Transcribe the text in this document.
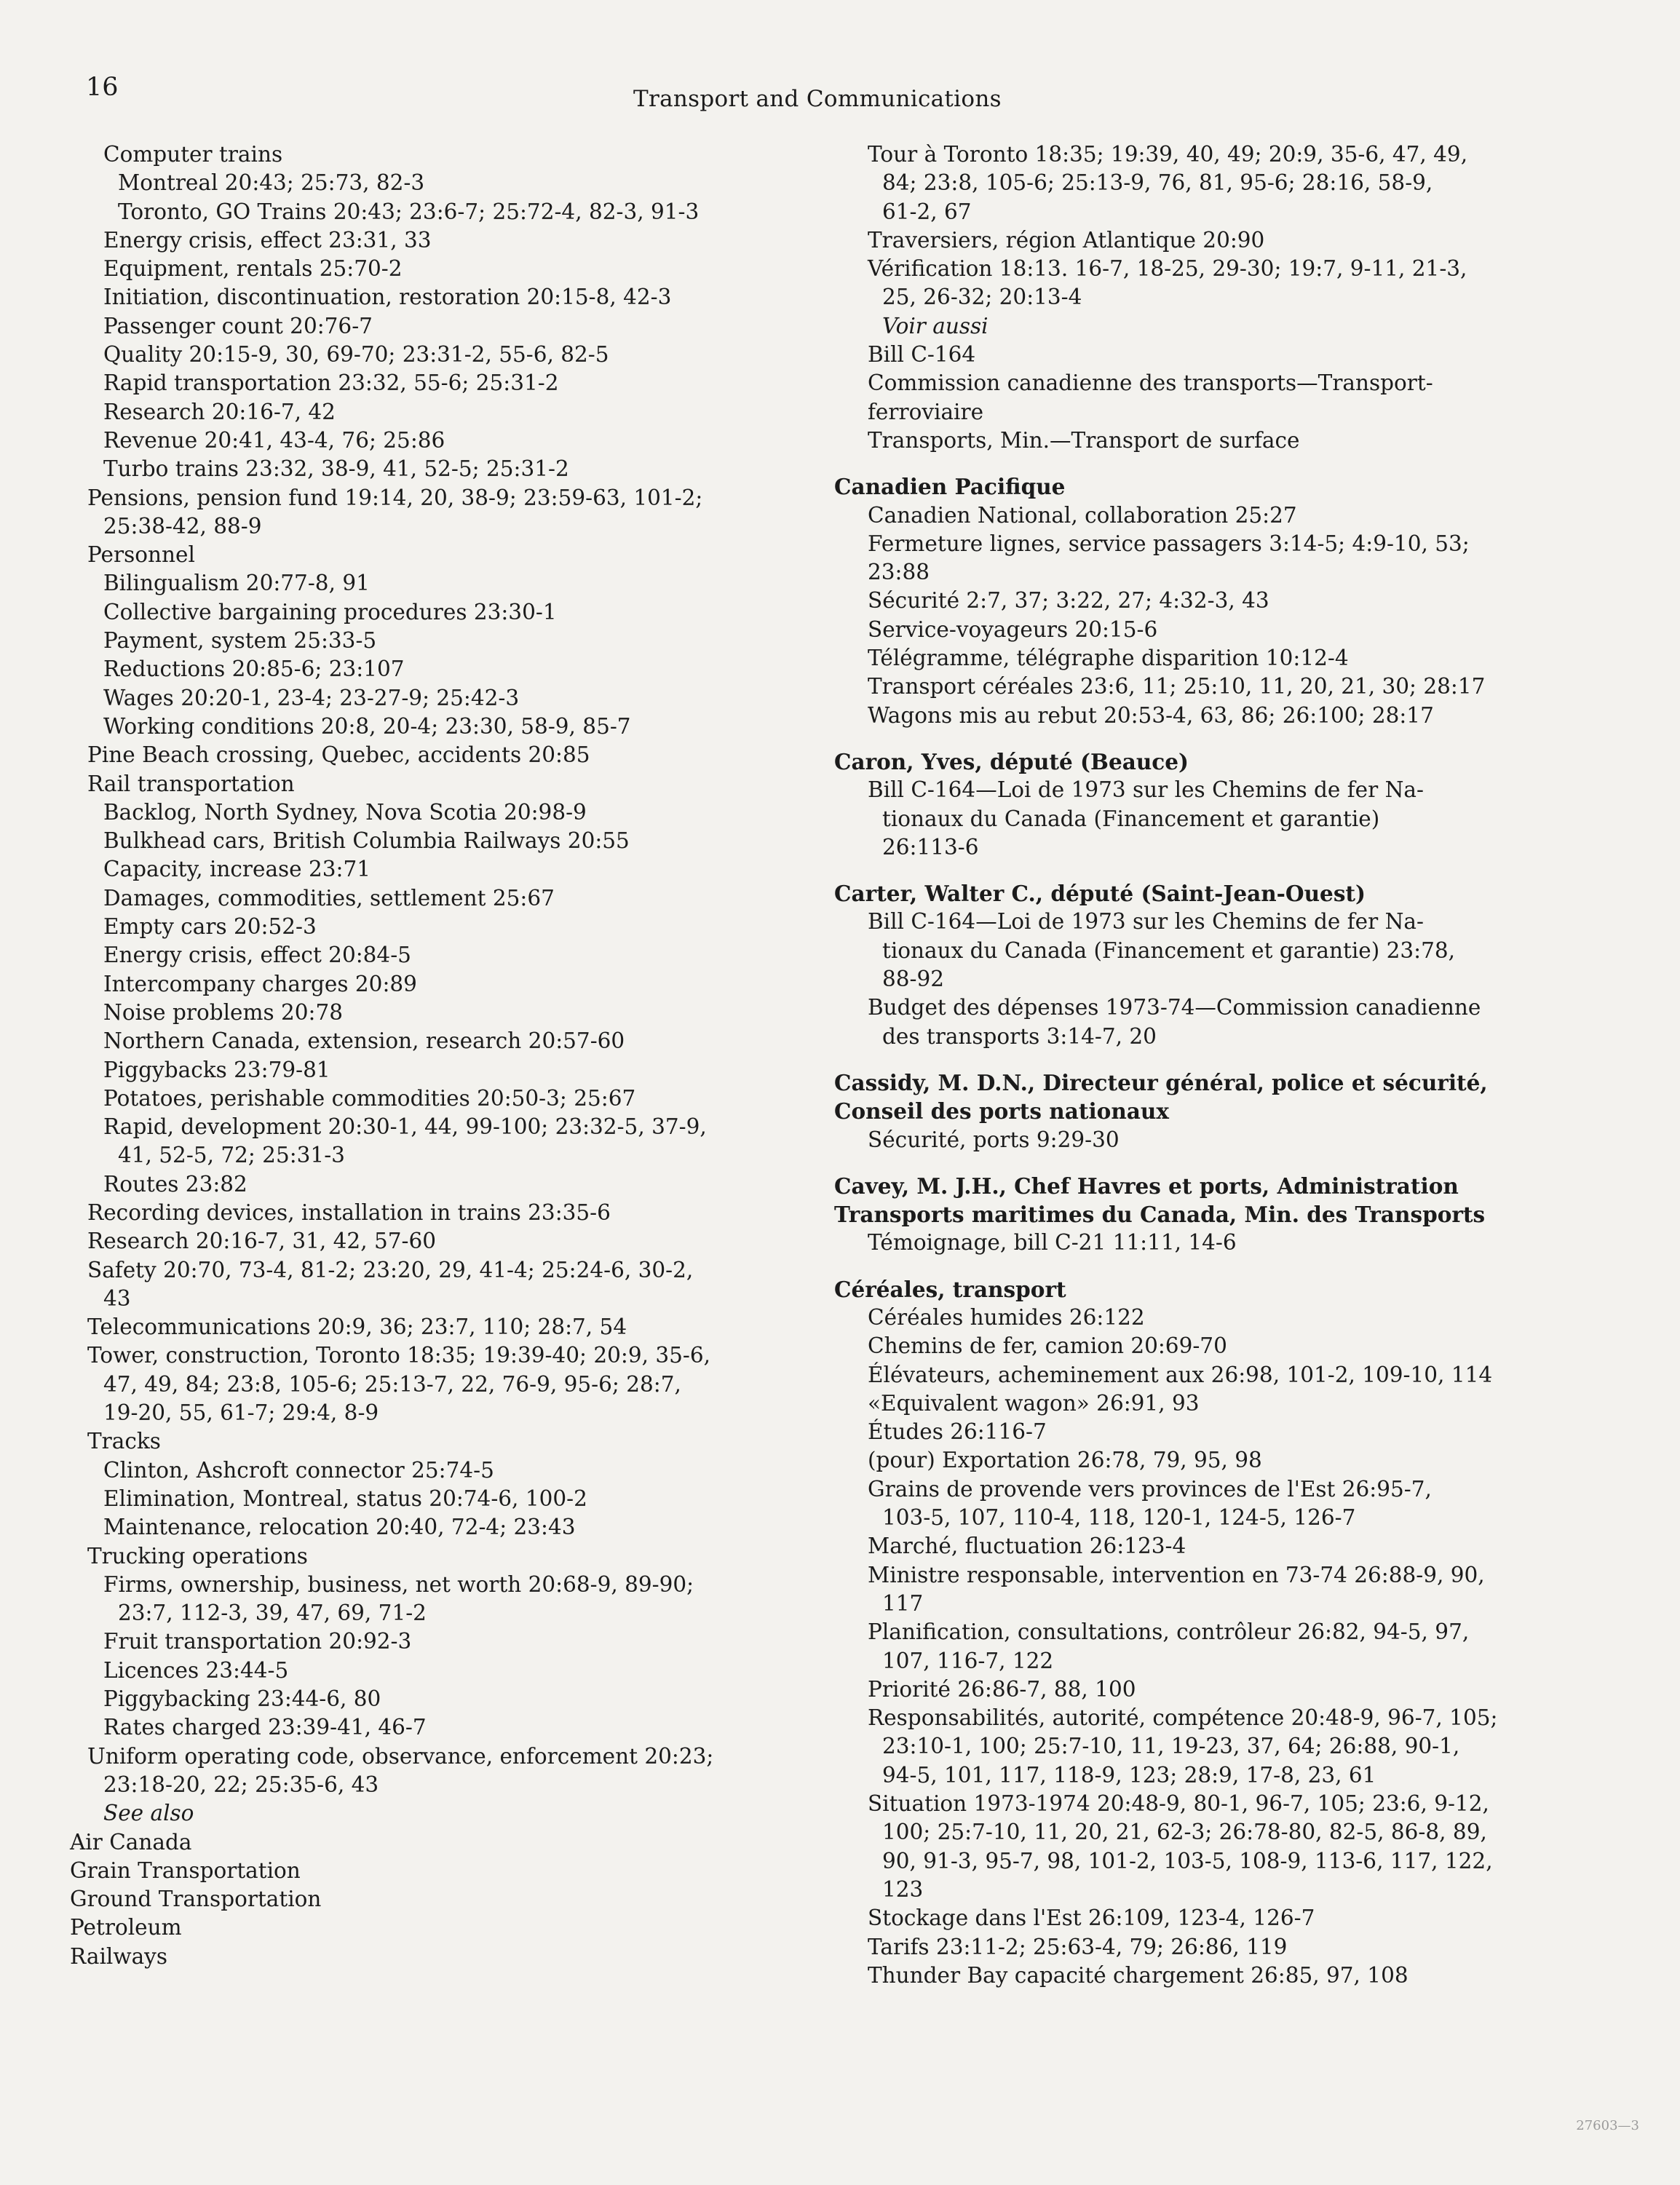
16	Transport and Communications
Computer trains
Montreal 20:43; 25:73, 82-3
Toronto, GO Trains 20:43; 23:6-7; 25:72-4, 82-3, 91-3
Energy crisis, effect 23:31, 33
Equipment, rentals 25:70-2
Initiation, discontinuation, restoration 20:15-8, 42-3
Passenger count 20:76-7
Quality 20:15-9, 30, 69-70; 23:31-2, 55-6, 82-5
Rapid transportation 23:32, 55-6; 25:31-2
Research 20:16-7, 42
Revenue 20:41, 43-4, 76; 25:86
Turbo trains 23:32, 38-9, 41, 52-5; 25:31-2
Pensions, pension fund 19:14, 20, 38-9; 23:59-63, 101-2;
25:38-42, 88-9
Personnel
Bilingualism 20:77-8, 91
Collective bargaining procedures 23:30-1
Payment, system 25:33-5
Reductions 20:85-6; 23:107
Wages 20:20-1, 23-4; 23-27-9; 25:42-3
Working conditions 20:8, 20-4; 23:30, 58-9, 85-7
Pine Beach crossing, Quebec, accidents 20:85
Rail transportation
Backlog, North Sydney, Nova Scotia 20:98-9
Bulkhead cars, British Columbia Railways 20:55
Capacity, increase 23:71
Damages, commodities, settlement 25:67
Empty cars 20:52-3
Energy crisis, effect 20:84-5
Intercompany charges 20:89
Noise problems 20:78
Northern Canada, extension, research 20:57-60
Piggybacks 23:79-81
Potatoes, perishable commodities 20:50-3; 25:67
Rapid, development 20:30-1, 44, 99-100; 23:32-5, 37-9,
41, 52-5, 72; 25:31-3
Routes 23:82
Recording devices, installation in trains 23:35-6
Research 20:16-7, 31, 42, 57-60
Safety 20:70, 73-4, 81-2; 23:20, 29, 41-4; 25:24-6, 30-2,
43
Telecommunications 20:9, 36; 23:7, 110; 28:7, 54
Tower, construction, Toronto 18:35; 19:39-40; 20:9, 35-6,
47, 49, 84; 23:8, 105-6; 25:13-7, 22, 76-9, 95-6; 28:7,
19-20, 55, 61-7; 29:4, 8-9
Tracks
Clinton, Ashcroft connector 25:74-5
Elimination, Montreal, status 20:74-6, 100-2
Maintenance, relocation 20:40, 72-4; 23:43
Trucking operations
Firms, ownership, business, net worth 20:68-9, 89-90;
23:7, 112-3, 39, 47, 69, 71-2
Fruit transportation 20:92-3
Licences 23:44-5
Piggybacking 23:44-6, 80
Rates charged 23:39-41, 46-7
Uniform operating code, observance, enforcement 20:23;
23:18-20, 22; 25:35-6, 43
See also
Air Canada
Grain Transportation
Ground Transportation
Petroleum
Railways
Tour à Toronto 18:35; 19:39, 40, 49; 20:9, 35-6, 47, 49,
84; 23:8, 105-6; 25:13-9, 76, 81, 95-6; 28:16, 58-9,
61-2, 67
Traversiers, région Atlantique 20:90
Vérification 18:13. 16-7, 18-25, 29-30; 19:7, 9-11, 21-3,
25, 26-32; 20:13-4
Voir aussi
Bill C-164
Commission canadienne des transports—Transport-
ferroviaire
Transports, Min.—Transport de surface
Canadien Pacifique
Canadien National, collaboration 25:27
Fermeture lignes, service passagers 3:14-5; 4:9-10, 53;
23:88
Sécurité 2:7, 37; 3:22, 27; 4:32-3, 43
Service-voyageurs 20:15-6
Télégramme, télégraphe disparition 10:12-4
Transport céréales 23:6, 11; 25:10, 11, 20, 21, 30; 28:17
Wagons mis au rebut 20:53-4, 63, 86; 26:100; 28:17
Caron, Yves, député (Beauce)
Bill C-164—Loi de 1973 sur les Chemins de fer Na-
tionaux du Canada (Financement et garantie)
26:113-6
Carter, Walter C., député (Saint-Jean-Ouest)
Bill C-164—Loi de 1973 sur les Chemins de fer Na-
tionaux du Canada (Financement et garantie) 23:78,
88-92
Budget des dépenses 1973-74—Commission canadienne
des transports 3:14-7, 20
Cassidy, M. D.N., Directeur général, police et sécurité,
Conseil des ports nationaux
Sécurité, ports 9:29-30
Cavey, M. J.H., Chef Havres et ports, Administration
Transports maritimes du Canada, Min. des Transports
Témoignage, bill C-21 11:11, 14-6
Céréales, transport
Céréales humides 26:122
Chemins de fer, camion 20:69-70
Élévateurs, acheminement aux 26:98, 101-2, 109-10, 114
«Equivalent wagon» 26:91, 93
Études 26:116-7
(pour) Exportation 26:78, 79, 95, 98
Grains de provende vers provinces de l'Est 26:95-7,
103-5, 107, 110-4, 118, 120-1, 124-5, 126-7
Marché, fluctuation 26:123-4
Ministre responsable, intervention en 73-74 26:88-9, 90,
117
Planification, consultations, contrôleur 26:82, 94-5, 97,
107, 116-7, 122
Priorité 26:86-7, 88, 100
Responsabilités, autorité, compétence 20:48-9, 96-7, 105;
23:10-1, 100; 25:7-10, 11, 19-23, 37, 64; 26:88, 90-1,
94-5, 101, 117, 118-9, 123; 28:9, 17-8, 23, 61
Situation 1973-1974 20:48-9, 80-1, 96-7, 105; 23:6, 9-12,
100; 25:7-10, 11, 20, 21, 62-3; 26:78-80, 82-5, 86-8, 89,
90, 91-3, 95-7, 98, 101-2, 103-5, 108-9, 113-6, 117, 122,
123
Stockage dans l'Est 26:109, 123-4, 126-7
Tarifs 23:11-2; 25:63-4, 79; 26:86, 119
Thunder Bay capacité chargement 26:85, 97, 108
27603—3
